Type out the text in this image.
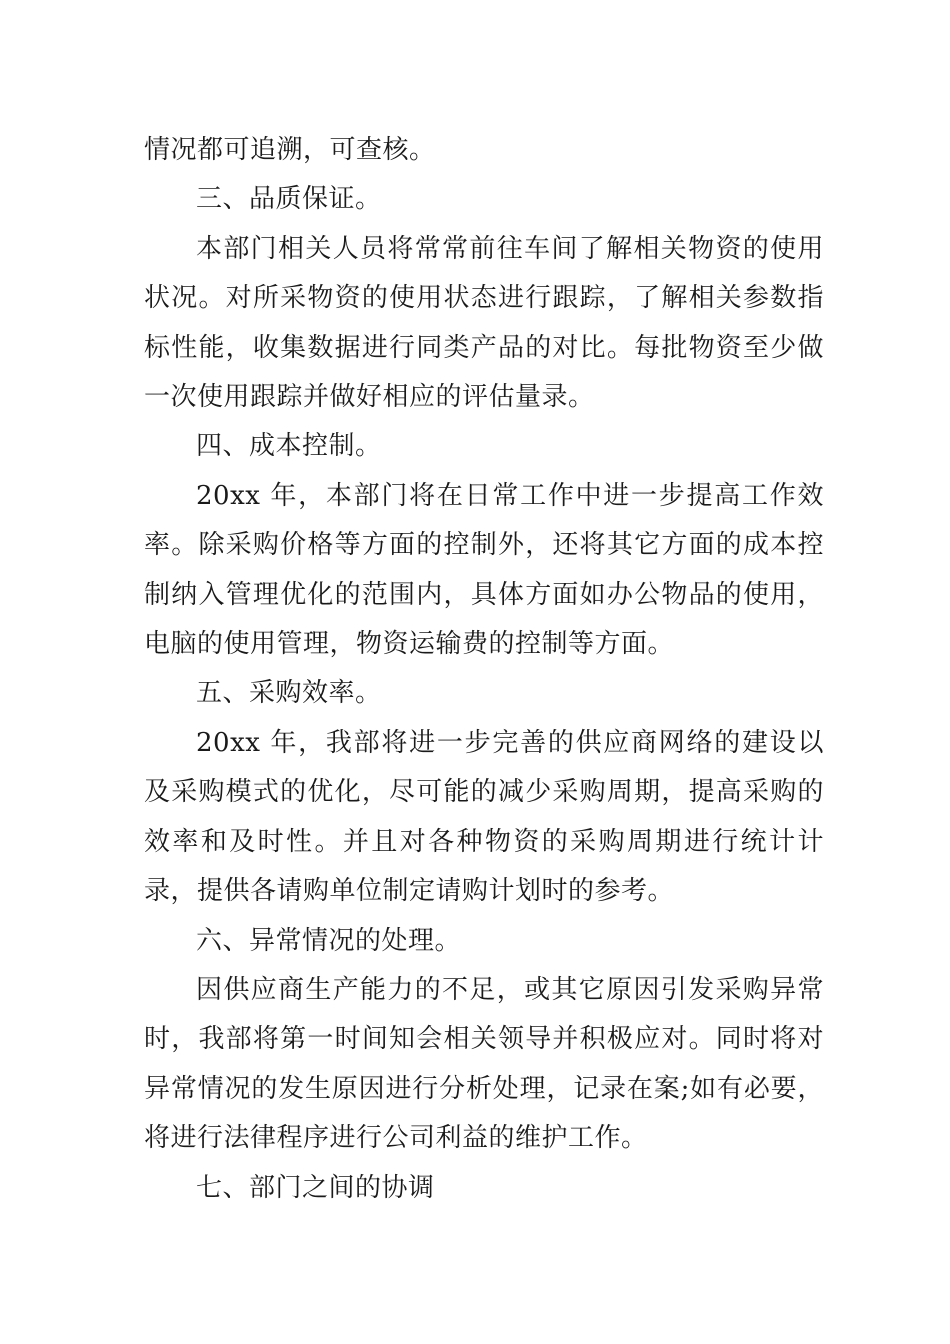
情况都可追溯，可查核。

三、品质保证。

本部门相关人员将常常前往车间了解相关物资的使用状况。对所采物资的使用状态进行跟踪，了解相关参数指标性能，收集数据进行同类产品的对比。每批物资至少做一次使用跟踪并做好相应的评估量录。

四、成本控制。

20xx 年，本部门将在日常工作中进一步提高工作效率。除采购价格等方面的控制外，还将其它方面的成本控制纳入管理优化的范围内，具体方面如办公物品的使用，电脑的使用管理，物资运输费的控制等方面。

五、采购效率。

20xx 年，我部将进一步完善的供应商网络的建设以及采购模式的优化，尽可能的减少采购周期，提高采购的效率和及时性。并且对各种物资的采购周期进行统计计录，提供各请购单位制定请购计划时的参考。

六、异常情况的处理。

因供应商生产能力的不足，或其它原因引发采购异常时，我部将第一时间知会相关领导并积极应对。同时将对异常情况的发生原因进行分析处理，记录在案;如有必要，将进行法律程序进行公司利益的维护工作。

七、部门之间的协调
